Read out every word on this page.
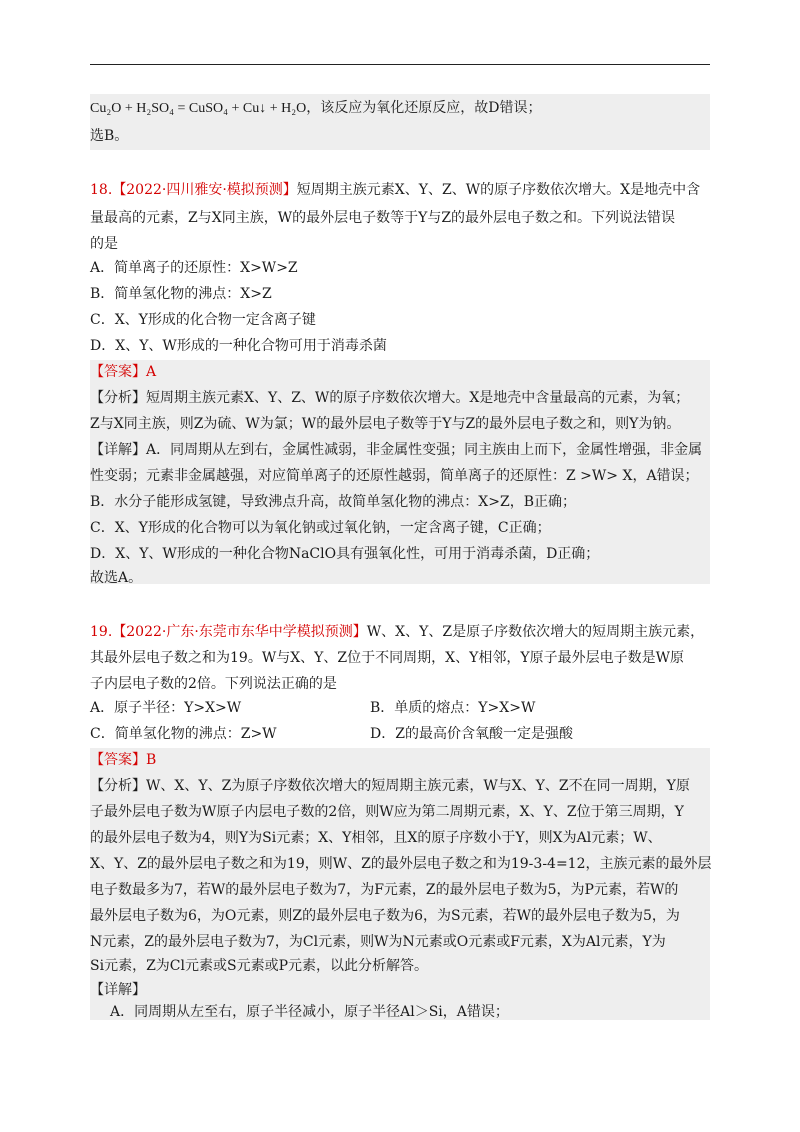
Cu₂O + H₂SO₄ = CuSO₄ + Cu↓ + H₂O，该反应为氧化还原反应，故D错误；
选B。
18.【2022·四川雅安·模拟预测】短周期主族元素X、Y、Z、W的原子序数依次增大。X是地壳中含
量最高的元素，Z与X同主族，W的最外层电子数等于Y与Z的最外层电子数之和。下列说法错误
的是
A．简单离子的还原性：X>W>Z
B．简单氢化物的沸点：X>Z
C．X、Y形成的化合物一定含离子键
D．X、Y、W形成的一种化合物可用于消毒杀菌
【答案】A
【分析】短周期主族元素X、Y、Z、W的原子序数依次增大。X是地壳中含量最高的元素，为氧；
Z与X同主族，则Z为硫、W为氯；W的最外层电子数等于Y与Z的最外层电子数之和，则Y为钠。
【详解】A．同周期从左到右，金属性减弱，非金属性变强；同主族由上而下，金属性增强，非金属
性变弱；元素非金属越强，对应简单离子的还原性越弱，简单离子的还原性：Z >W> X，A错误；
B．水分子能形成氢键，导致沸点升高，故简单氢化物的沸点：X>Z，B正确；
C．X、Y形成的化合物可以为氧化钠或过氧化钠，一定含离子键，C正确；
D．X、Y、W形成的一种化合物NaClO具有强氧化性，可用于消毒杀菌，D正确；
故选A。
19.【2022·广东·东莞市东华中学模拟预测】W、X、Y、Z是原子序数依次增大的短周期主族元素，
其最外层电子数之和为19。W与X、Y、Z位于不同周期，X、Y相邻，Y原子最外层电子数是W原
子内层电子数的2倍。下列说法正确的是
A．原子半径：Y>X>W	B．单质的熔点：Y>X>W
C．简单氢化物的沸点：Z>W	D．Z的最高价含氧酸一定是强酸
【答案】B
【分析】W、X、Y、Z为原子序数依次增大的短周期主族元素，W与X、Y、Z不在同一周期，Y原
子最外层电子数为W原子内层电子数的2倍，则W应为第二周期元素，X、Y、Z位于第三周期，Y
的最外层电子数为4，则Y为Si元素；X、Y相邻，且X的原子序数小于Y，则X为Al元素；W、
X、Y、Z的最外层电子数之和为19，则W、Z的最外层电子数之和为19-3-4=12，主族元素的最外层
电子数最多为7，若W的最外层电子数为7，为F元素，Z的最外层电子数为5，为P元素，若W的
最外层电子数为6，为O元素，则Z的最外层电子数为6，为S元素，若W的最外层电子数为5，为
N元素，Z的最外层电子数为7，为Cl元素，则W为N元素或O元素或F元素，X为Al元素，Y为
Si元素，Z为Cl元素或S元素或P元素，以此分析解答。
【详解】
A．同周期从左至右，原子半径减小，原子半径Al＞Si，A错误；
